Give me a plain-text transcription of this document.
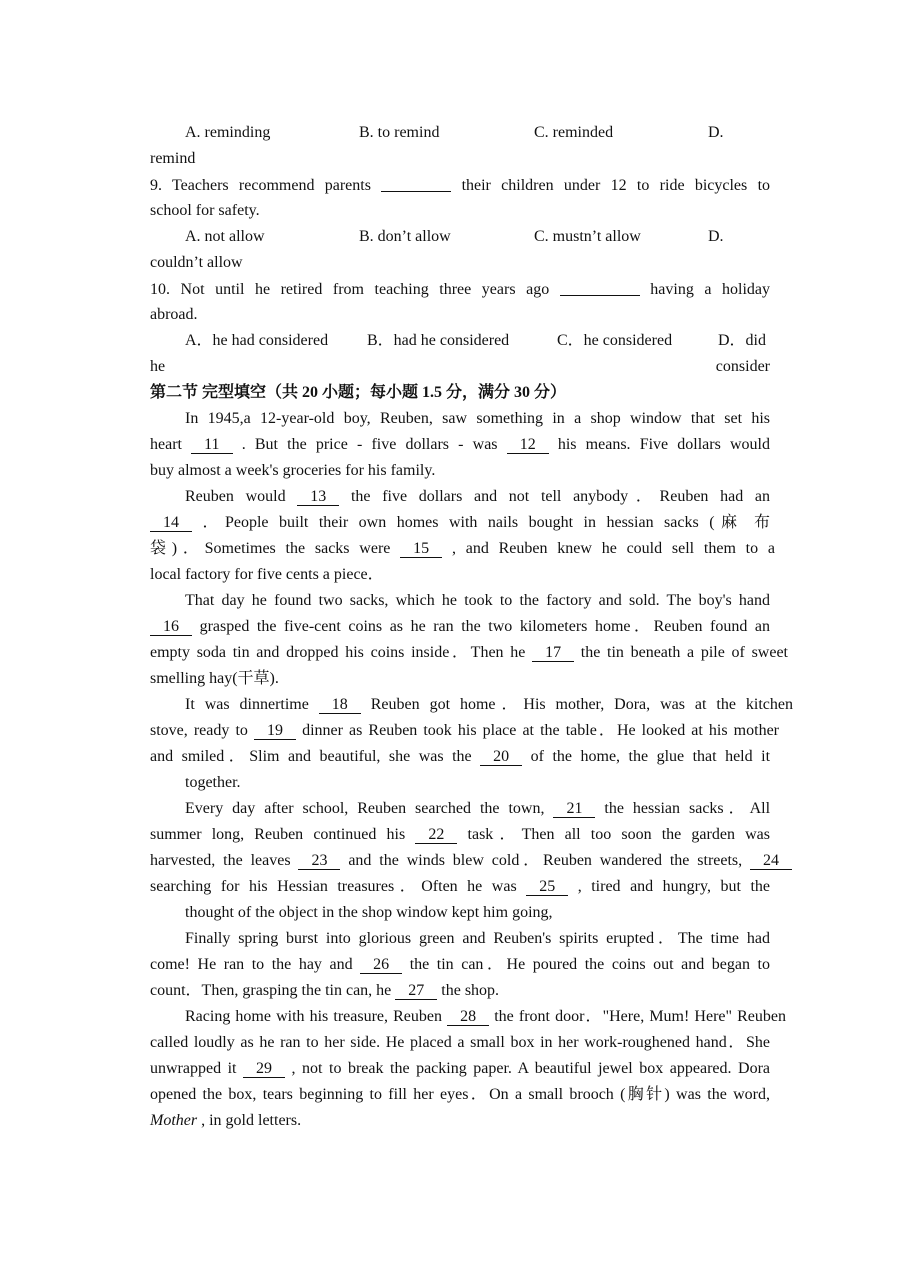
A. reminding	B. to remind	C. reminded	D.
A. not allow	B. don’t allow	C. mustn’t allow	D.
A．he had considered B．had he considered	C．he considered	D．did
remind
9. Teachers recommend parents	their children under 12 to ride bicycles to
school for safety.
couldn’t allow
10. Not until he retired from teaching three years ago	having a holiday
abroad.
he consider
第二节 完型填空（共 20 小题；每小题 1.5 分，满分 30 分）
In 1945,a 12-year-old boy, Reuben, saw something in a shop window that set his
heart 11 . But the price - five dollars - was 12 his means. Five dollars would
buy almost a week's groceries for his family.
Reuben would 13 the five dollars and not tell anybody．Reuben had an
14 ．People built their own homes with nails bought in hessian sacks (麻 布
袋)．Sometimes the sacks were 15 , and Reuben knew he could sell them to a
local factory for five cents a piece．
That day he found two sacks, which he took to the factory and sold. The boy's hand
16 grasped the five-cent coins as he ran the two kilometers home．Reuben found an
empty soda tin and dropped his coins inside．Then he 17 the tin beneath a pile of sweet
smelling hay(干草).
It was dinnertime 18 Reuben got home．His mother, Dora, was at the kitchen
stove, ready to 19 dinner as Reuben took his place at the table．He looked at his mother
and smiled．Slim and beautiful, she was the 20 of the home, the glue that held it
together.
Every day after school, Reuben searched the town, 21 the hessian sacks．All
summer long, Reuben continued his 22 task．Then all too soon the garden was
harvested, the leaves 23 and the winds blew cold．Reuben wandered the streets, 24
searching for his Hessian treasures．Often he was 25 , tired and hungry, but the
thought of the object in the shop window kept him going,
Finally spring burst into glorious green and Reuben's spirits erupted．The time had
come! He ran to the hay and 26 the tin can．He poured the coins out and began to
count．Then, grasping the tin can, he 27 the shop.
Racing home with his treasure, Reuben 28 the front door．"Here, Mum! Here" Reuben
called loudly as he ran to her side. He placed a small box in her work-roughened hand．She
unwrapped it 29 , not to break the packing paper. A beautiful jewel box appeared. Dora
opened the box, tears beginning to fill her eyes．On a small brooch (胸针) was the word,
Mother , in gold letters.
